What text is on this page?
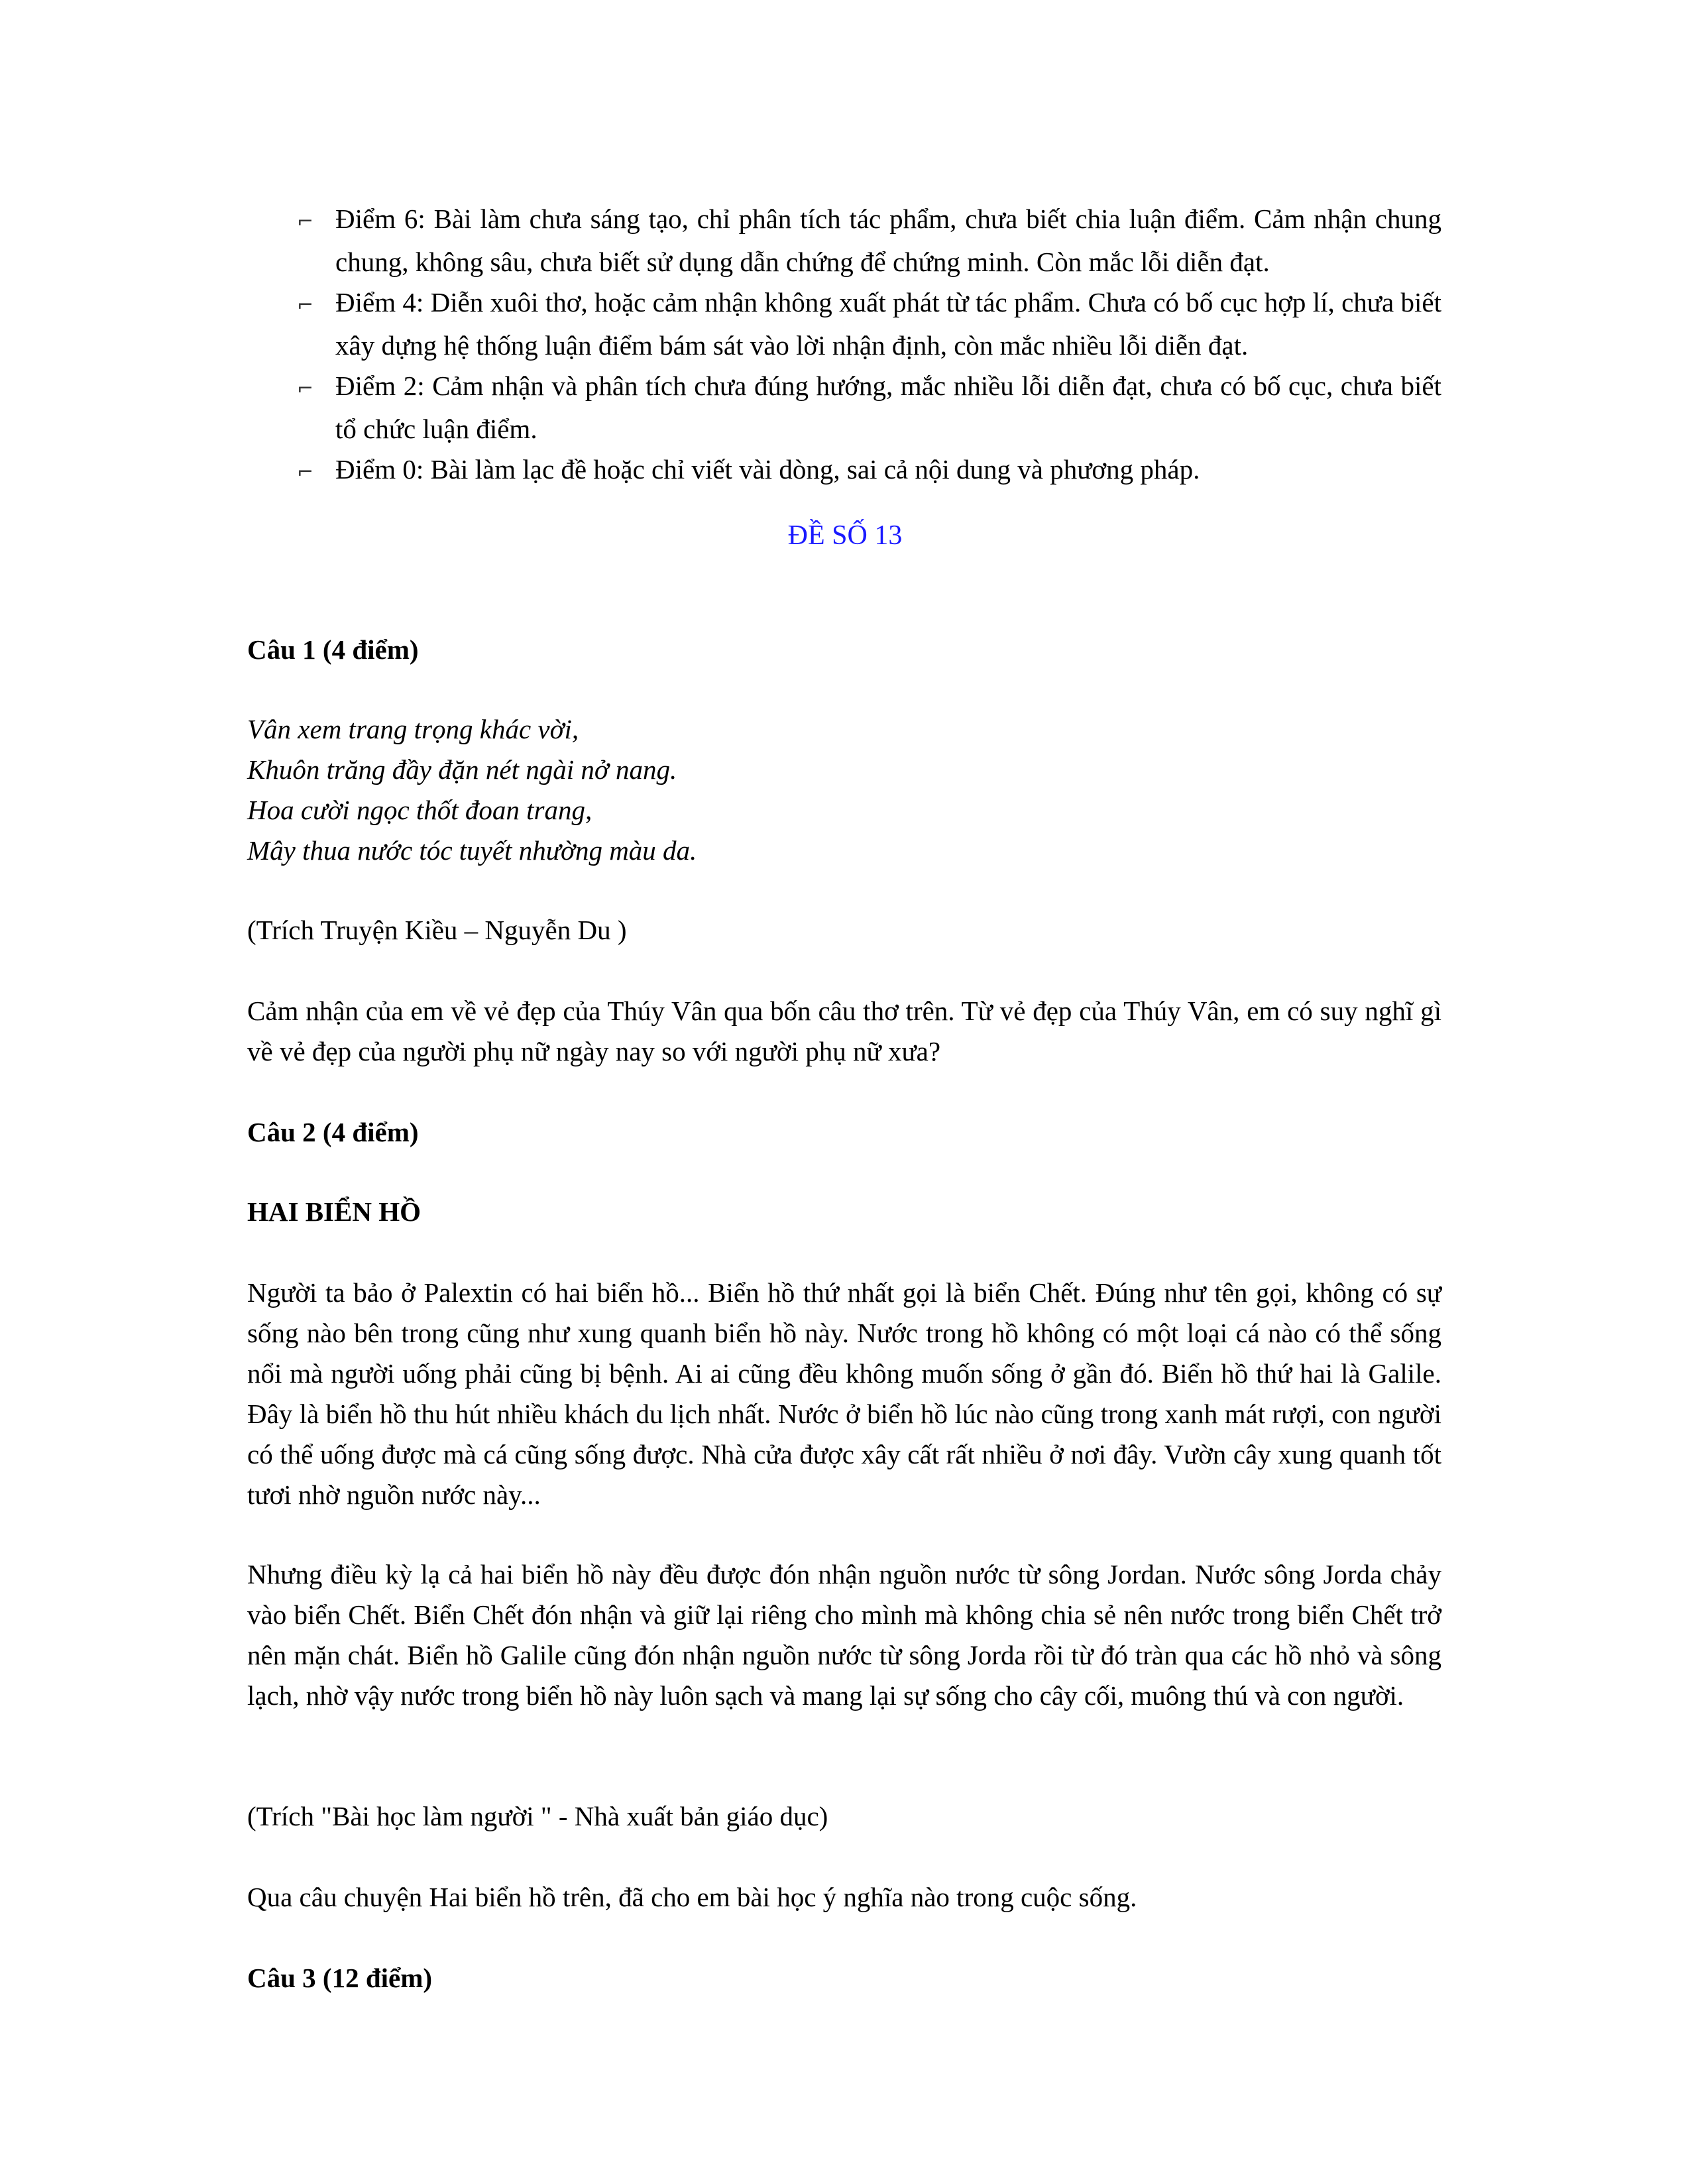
⌐ Điểm 6: Bài làm chưa sáng tạo, chỉ phân tích tác phẩm, chưa biết chia luận điểm. Cảm nhận chung chung, không sâu, chưa biết sử dụng dẫn chứng để chứng minh. Còn mắc lỗi diễn đạt.

⌐ Điểm 4: Diễn xuôi thơ, hoặc cảm nhận không xuất phát từ tác phẩm. Chưa có bố cục hợp lí, chưa biết xây dựng hệ thống luận điểm bám sát vào lời nhận định, còn mắc nhiều lỗi diễn đạt.

⌐ Điểm 2: Cảm nhận và phân tích chưa đúng hướng, mắc nhiều lỗi diễn đạt, chưa có bố cục, chưa biết tổ chức luận điểm.

⌐ Điểm 0: Bài làm lạc đề hoặc chỉ viết vài dòng, sai cả nội dung và phương pháp.

ĐỀ SỐ 13

Câu 1 (4 điểm)

Vân xem trang trọng khác vời,
Khuôn trăng đầy đặn nét ngài nở nang.
Hoa cười ngọc thốt đoan trang,
Mây thua nước tóc tuyết nhường màu da.

(Trích Truyện Kiều – Nguyễn Du )

Cảm nhận của em về vẻ đẹp của Thúy Vân qua bốn câu thơ trên. Từ vẻ đẹp của Thúy Vân, em có suy nghĩ gì về vẻ đẹp của người phụ nữ ngày nay so với người phụ nữ xưa?

Câu 2 (4 điểm)

HAI BIỂN HỒ

Người ta bảo ở Palextin có hai biển hồ... Biển hồ thứ nhất gọi là biển Chết. Đúng như tên gọi, không có sự sống nào bên trong cũng như xung quanh biển hồ này. Nước trong hồ không có một loại cá nào có thể sống nổi mà người uống phải cũng bị bệnh. Ai ai cũng đều không muốn sống ở gần đó. Biển hồ thứ hai là Galile. Đây là biển hồ thu hút nhiều khách du lịch nhất. Nước ở biển hồ lúc nào cũng trong xanh mát rượi, con người có thể uống được mà cá cũng sống được. Nhà cửa được xây cất rất nhiều ở nơi đây. Vườn cây xung quanh tốt tươi nhờ nguồn nước này...

Nhưng điều kỳ lạ cả hai biển hồ này đều được đón nhận nguồn nước từ sông Jordan. Nước sông Jorda chảy vào biển Chết. Biển Chết đón nhận và giữ lại riêng cho mình mà không chia sẻ nên nước trong biển Chết trở nên mặn chát. Biển hồ Galile cũng đón nhận nguồn nước từ sông Jorda rồi từ đó tràn qua các hồ nhỏ và sông lạch, nhờ vậy nước trong biển hồ này luôn sạch và mang lại sự sống cho cây cối, muông thú và con người.

(Trích "Bài học làm người " - Nhà xuất bản giáo dục)

Qua câu chuyện Hai biển hồ trên, đã cho em bài học ý nghĩa nào trong cuộc sống.

Câu 3 (12 điểm)
